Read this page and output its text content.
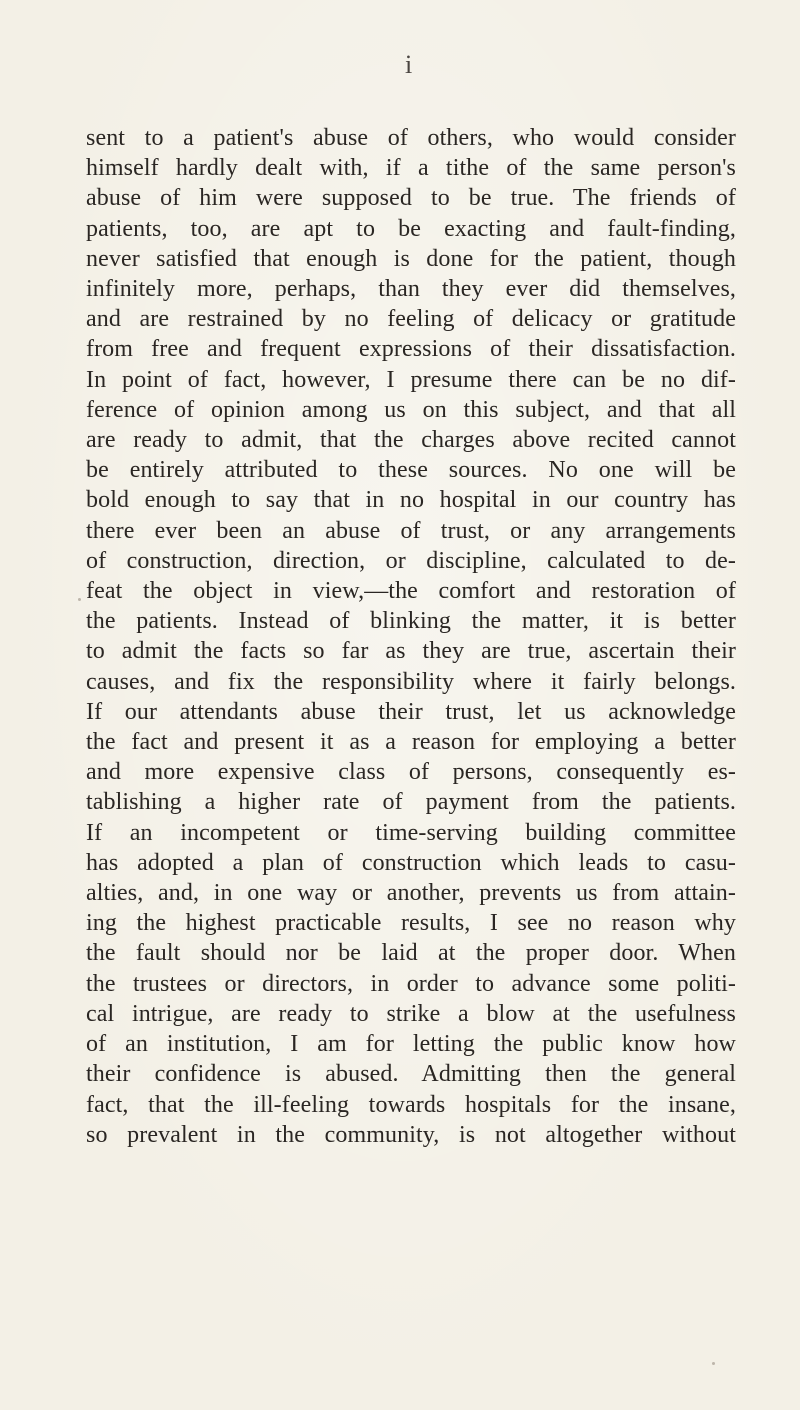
i
sent to a patient's abuse of others, who would consider
himself hardly dealt with, if a tithe of the same person's
abuse of him were supposed to be true. The friends of
patients, too, are apt to be exacting and fault-finding,
never satisfied that enough is done for the patient, though
infinitely more, perhaps, than they ever did themselves,
and are restrained by no feeling of delicacy or gratitude
from free and frequent expressions of their dissatisfaction.
In point of fact, however, I presume there can be no dif-
ference of opinion among us on this subject, and that all
are ready to admit, that the charges above recited cannot
be entirely attributed to these sources. No one will be
bold enough to say that in no hospital in our country has
there ever been an abuse of trust, or any arrangements
of construction, direction, or discipline, calculated to de-
feat the object in view,—the comfort and restoration of
the patients. Instead of blinking the matter, it is better
to admit the facts so far as they are true, ascertain their
causes, and fix the responsibility where it fairly belongs.
If our attendants abuse their trust, let us acknowledge
the fact and present it as a reason for employing a better
and more expensive class of persons, consequently es-
tablishing a higher rate of payment from the patients.
If an incompetent or time-serving building committee
has adopted a plan of construction which leads to casu-
alties, and, in one way or another, prevents us from attain-
ing the highest practicable results, I see no reason why
the fault should nor be laid at the proper door. When
the trustees or directors, in order to advance some politi-
cal intrigue, are ready to strike a blow at the usefulness
of an institution, I am for letting the public know how
their confidence is abused. Admitting then the general
fact, that the ill-feeling towards hospitals for the insane,
so prevalent in the community, is not altogether without
